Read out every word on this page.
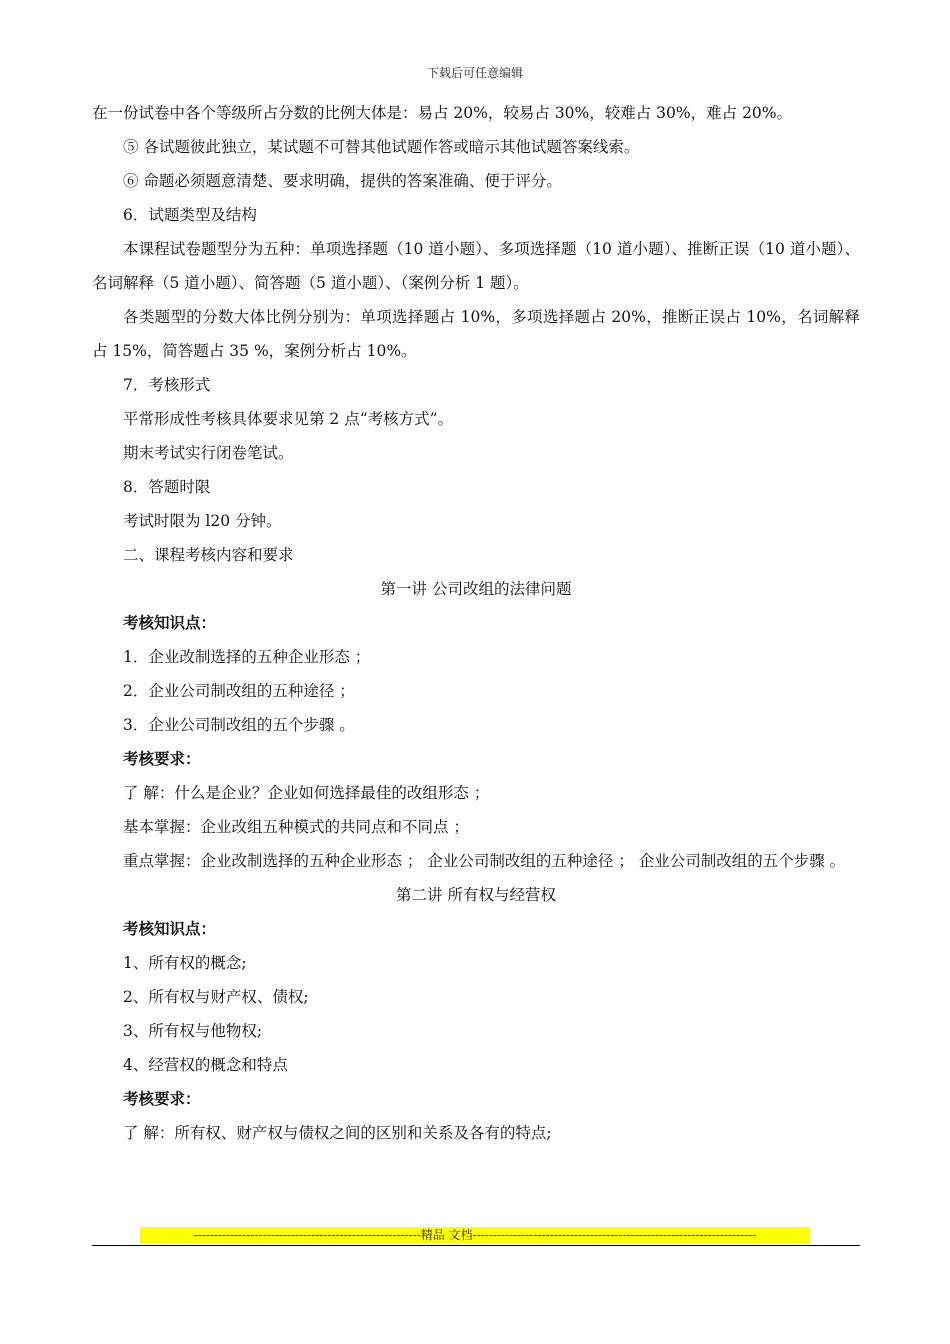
下载后可任意编辑

在一份试卷中各个等级所占分数的比例大体是：易占 20%，较易占 30%，较难占 30%，难占 20%。

⑤ 各试题彼此独立，某试题不可替其他试题作答或暗示其他试题答案线索。

⑥ 命题必须题意清楚、要求明确，提供的答案准确、便于评分。

6．试题类型及结构

本课程试卷题型分为五种：单项选择题（10 道小题）、多项选择题（10 道小题）、推断正误（10 道小题）、名词解释（5 道小题）、简答题（5 道小题）、（案例分析 1 题）。

各类题型的分数大体比例分别为：单项选择题占 10%，多项选择题占 20%，推断正误占 10%，名词解释占 15%，简答题占 35 %，案例分析占 10%。

7．考核形式

平常形成性考核具体要求见第 2 点“考核方式”。

期末考试实行闭卷笔试。

8．答题时限

考试时限为 l20 分钟。

二、课程考核内容和要求

第一讲 公司改组的法律问题

考核知识点：

1．企业改制选择的五种企业形态 ；

2．企业公司制改组的五种途径 ；

3．企业公司制改组的五个步骤 。

考核要求：

了 解：什么是企业？企业如何选择最佳的改组形态 ；

基本掌握：企业改组五种模式的共同点和不同点 ；

重点掌握：企业改制选择的五种企业形态 ； 企业公司制改组的五种途径 ； 企业公司制改组的五个步骤 。

第二讲 所有权与经营权

考核知识点：

1、所有权的概念;

2、所有权与财产权、债权;

3、所有权与他物权;

4、经营权的概念和特点

考核要求：

了 解：所有权、财产权与债权之间的区别和关系及各有的特点;

--------------------------------------------------------精品 文档----------------------------------------------------------------------
